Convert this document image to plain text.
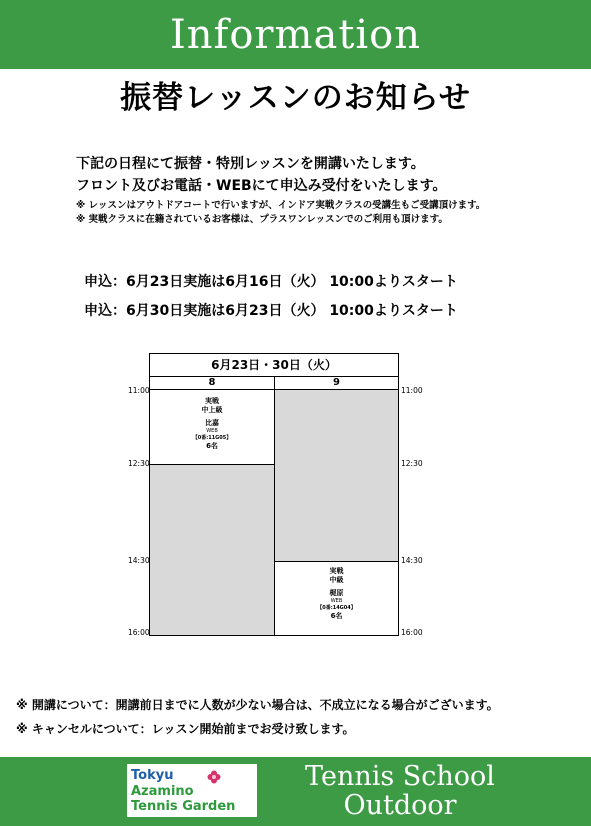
Information
振替レッスンのお知らせ
下記の日程にて振替・特別レッスンを開講いたします。
フロント及びお電話・WEBにて申込み受付をいたします。
※ レッスンはアウトドアコートで行いますが、インドア実戦クラスの受講生もご受講頂けます。
※ 実戦クラスに在籍されているお客様は、プラスワンレッスンでのご利用も頂けます。
申込：6月23日実施は6月16日（火） 10:00よりスタート
申込：6月30日実施は6月23日（火） 10:00よりスタート
6月23日・30日（火）
8	9
実戦
中上級
比嘉
WEB
【0番:11G05】
6名
実戦
中級
梶原
WEB
【0番:14G04】
6名
11:00
12:30
14:30
16:00
11:00
12:30
14:30
16:00
※ 開講について：開講前日までに人数が少ない場合は、不成立になる場合がございます。
※ キャンセルについて：レッスン開始前までお受け致します。
Tokyu
Azamino
Tennis Garden
Tennis School
Outdoor
